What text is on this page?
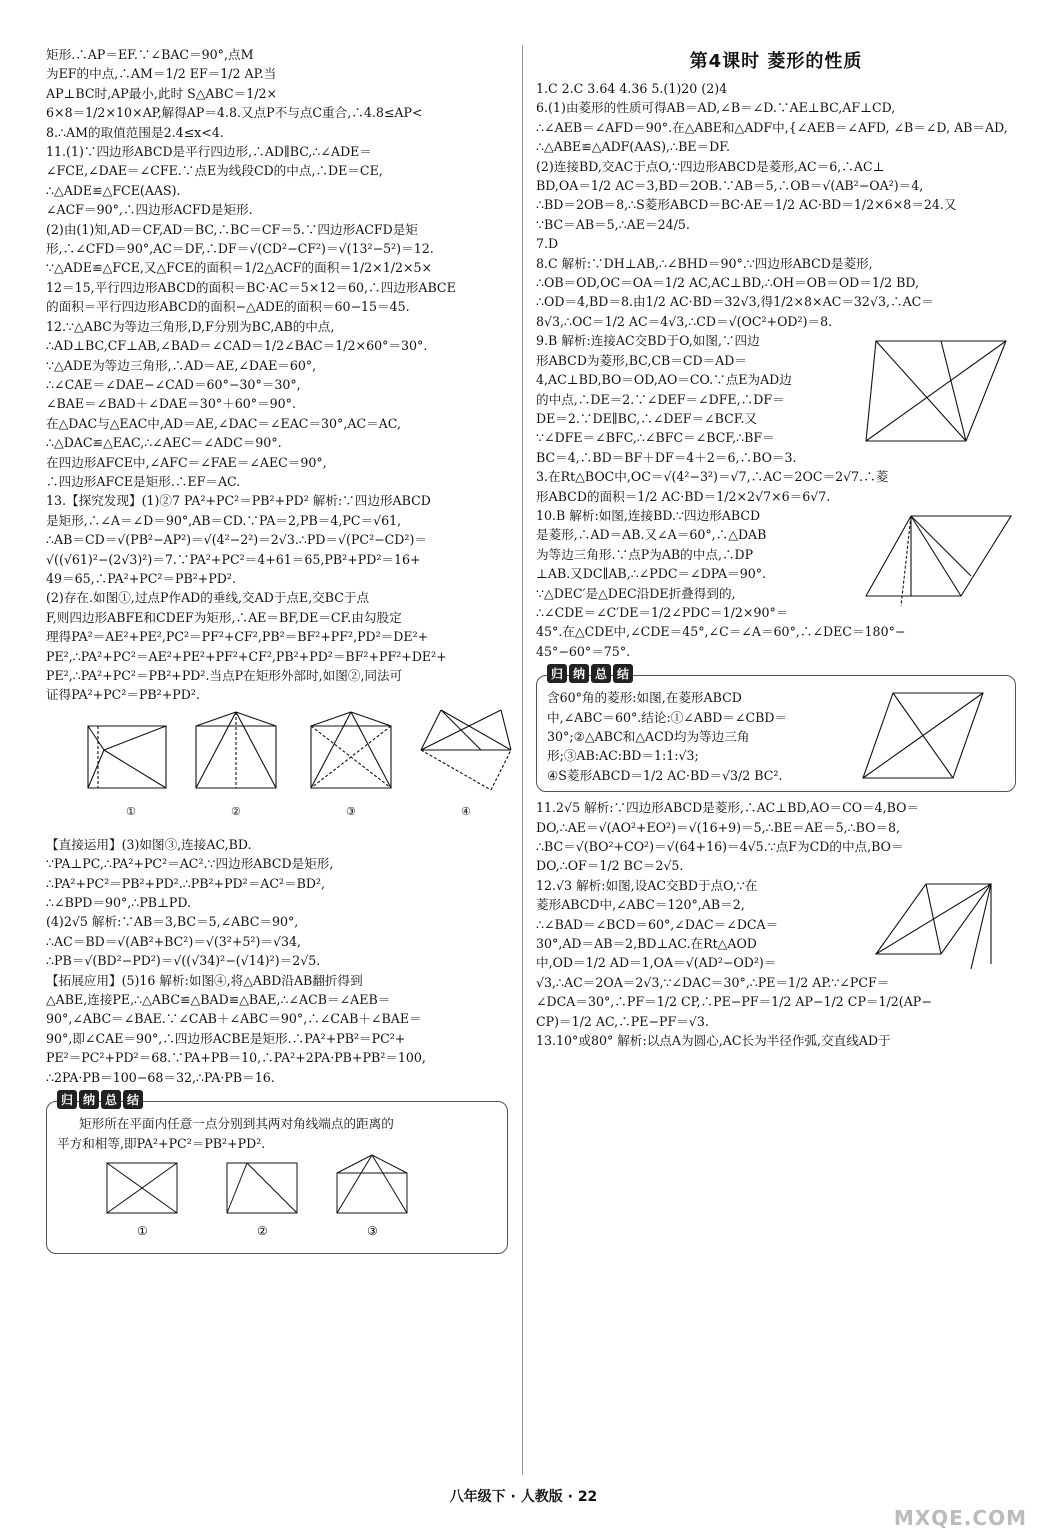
矩形.∴AP＝EF.∵∠BAC＝90°,点M
为EF的中点,∴AM＝1/2 EF＝1/2 AP.当
AP⊥BC时,AP最小,此时 S△ABC＝1/2×
6×8＝1/2×10×AP,解得AP＝4.8.又点P不与点C重合,∴4.8≤AP<
8.∴AM的取值范围是2.4≤x<4.
11.(1)∵四边形ABCD是平行四边形,∴AD∥BC,∴∠ADE＝
∠FCE,∠DAE＝∠CFE.∵点E为线段CD的中点,∴DE＝CE,
∴△ADE≌△FCE(AAS).
∠ACF＝90°,∴四边形ACFD是矩形.
(2)由(1)知,AD＝CF,AD＝BC,∴BC＝CF＝5.∵四边形ACFD是矩
形,∴∠CFD＝90°,AC＝DF,∴DF＝√(CD²−CF²)＝√(13²−5²)＝12.
∵△ADE≌△FCE,又△FCE的面积＝1/2△ACF的面积＝1/2×1/2×5×
12＝15,平行四边形ABCD的面积＝BC·AC＝5×12＝60,∴四边形ABCE
的面积＝平行四边形ABCD的面积−△ADE的面积＝60−15＝45.
12.∵△ABC为等边三角形,D,F分别为BC,AB的中点,
∴AD⊥BC,CF⊥AB,∠BAD＝∠CAD＝1/2∠BAC＝1/2×60°＝30°.
∵△ADE为等边三角形,∴AD＝AE,∠DAE＝60°,
∴∠CAE＝∠DAE−∠CAD＝60°−30°＝30°,
∠BAE＝∠BAD＋∠DAE＝30°＋60°＝90°.
在△DAC与△EAC中,AD＝AE,∠DAC＝∠EAC＝30°,AC＝AC,
∴△DAC≌△EAC,∴∠AEC＝∠ADC＝90°.
在四边形AFCE中,∠AFC＝∠FAE＝∠AEC＝90°,
∴四边形AFCE是矩形.∴EF＝AC.
13.【探究发现】(1)②7 PA²+PC²＝PB²+PD² 解析:∵四边形ABCD
是矩形,∴∠A＝∠D＝90°,AB＝CD.∵PA＝2,PB＝4,PC＝√61,
∴AB＝CD＝√(PB²−AP²)＝√(4²−2²)＝2√3.∴PD＝√(PC²−CD²)＝
√((√61)²−(2√3)²)＝7.∵PA²+PC²＝4+61＝65,PB²+PD²＝16+
49＝65,∴PA²+PC²＝PB²+PD².
(2)存在.如图①,过点P作AD的垂线,交AD于点E,交BC于点
F,则四边形ABFE和CDEF为矩形,∴AE＝BF,DE＝CF.由勾股定
理得PA²＝AE²+PE²,PC²＝PF²+CF²,PB²＝BF²+PF²,PD²＝DE²+
PE²,∴PA²+PC²＝AE²+PE²+PF²+CF²,PB²+PD²＝BF²+PF²+DE²+
PE²,∴PA²+PC²＝PB²+PD².当点P在矩形外部时,如图②,同法可
证得PA²+PC²＝PB²+PD².
①	②	③	④
【直接运用】(3)如图③,连接AC,BD.
∵PA⊥PC,∴PA²+PC²＝AC².∵四边形ABCD是矩形,
∴PA²+PC²＝PB²+PD².∴PB²+PD²＝AC²＝BD²,
∴∠BPD＝90°,∴PB⊥PD.
(4)2√5 解析:∵AB＝3,BC＝5,∠ABC＝90°,
∴AC＝BD＝√(AB²+BC²)＝√(3²+5²)＝√34,
∴PB＝√(BD²−PD²)＝√((√34)²−(√14)²)＝2√5.
【拓展应用】(5)16 解析:如图④,将△ABD沿AB翻折得到
△ABE,连接PE,∴△ABC≌△BAD≌△BAE,∴∠ACB＝∠AEB＝
90°,∠ABC＝∠BAE.∵∠CAB＋∠ABC＝90°,∴∠CAB＋∠BAE＝
90°,即∠CAE＝90°,∴四边形ACBE是矩形.∴PA²+PB²＝PC²+
PE²＝PC²+PD²＝68.∵PA+PB＝10,∴PA²+2PA·PB+PB²＝100,
∴2PA·PB＝100−68＝32,∴PA·PB＝16.
归 纳 总 结
矩形所在平面内任意一点分别到其两对角线端点的距离的
平方和相等,即PA²+PC²＝PB²+PD².
①	②	③
第4课时 菱形的性质
1.C 2.C 3.64 4.36 5.(1)20 (2)4
6.(1)由菱形的性质可得AB＝AD,∠B＝∠D.∵AE⊥BC,AF⊥CD,
∴∠AEB＝∠AFD＝90°.在△ABE和△ADF中,{∠AEB＝∠AFD, ∠B＝∠D, AB＝AD,
∴△ABE≌△ADF(AAS),∴BE＝DF.
(2)连接BD,交AC于点O,∵四边形ABCD是菱形,AC＝6,∴AC⊥
BD,OA＝1/2 AC＝3,BD＝2OB.∵AB＝5,∴OB＝√(AB²−OA²)＝4,
∴BD＝2OB＝8,∴S菱形ABCD＝BC·AE＝1/2 AC·BD＝1/2×6×8＝24.又
∵BC＝AB＝5,∴AE＝24/5.
7.D
8.C 解析:∵DH⊥AB,∴∠BHD＝90°.∵四边形ABCD是菱形,
∴OB＝OD,OC＝OA＝1/2 AC,AC⊥BD,∴OH＝OB＝OD＝1/2 BD,
∴OD＝4,BD＝8.由1/2 AC·BD＝32√3,得1/2×8×AC＝32√3,∴AC＝
8√3,∴OC＝1/2 AC＝4√3,∴CD＝√(OC²+OD²)＝8.
9.B 解析:连接AC交BD于O,如图,∵四边
形ABCD为菱形,BC,CB＝CD＝AD＝
4,AC⊥BD,BO＝OD,AO＝CO.∵点E为AD边
的中点,∴DE＝2.∵∠DEF＝∠DFE,∴DF＝
DE＝2.∵DE∥BC,∴∠DEF＝∠BCF.又
∵∠DFE＝∠BFC,∴∠BFC＝∠BCF,∴BF＝
BC＝4,∴BD＝BF＋DF＝4＋2＝6,∴BO＝3.
3.在Rt△BOC中,OC＝√(4²−3²)＝√7,∴AC＝2OC＝2√7.∴菱
形ABCD的面积＝1/2 AC·BD＝1/2×2√7×6＝6√7.
10.B 解析:如图,连接BD.∵四边形ABCD
是菱形,∴AD＝AB.又∠A＝60°,∴△DAB
为等边三角形.∵点P为AB的中点,∴DP
⊥AB.又DC∥AB,∴∠PDC＝∠DPA＝90°.
∵△DEC′是△DEC沿DE折叠得到的,
∴∠CDE＝∠C′DE＝1/2∠PDC＝1/2×90°＝
45°.在△CDE中,∠CDE＝45°,∠C＝∠A＝60°,∴∠DEC＝180°−
45°−60°＝75°.
归 纳 总 结
含60°角的菱形:如图,在菱形ABCD
中,∠ABC＝60°.结论:①∠ABD＝∠CBD＝
30°;②△ABC和△ACD均为等边三角
形;③AB:AC:BD＝1:1:√3;
④S菱形ABCD＝1/2 AC·BD＝√3/2 BC².
11.2√5 解析:∵四边形ABCD是菱形,∴AC⊥BD,AO＝CO＝4,BO＝
DO,∴AE＝√(AO²+EO²)＝√(16+9)＝5,∴BE＝AE＝5,∴BO＝8,
∴BC＝√(BO²+CO²)＝√(64+16)＝4√5.∵点F为CD的中点,BO＝
DO,∴OF＝1/2 BC＝2√5.
12.√3 解析:如图,设AC交BD于点O,∵在
菱形ABCD中,∠ABC＝120°,AB＝2,
∴∠BAD＝∠BCD＝60°,∠DAC＝∠DCA＝
30°,AD＝AB＝2,BD⊥AC.在Rt△AOD
中,OD＝1/2 AD＝1,OA＝√(AD²−OD²)＝
√3,∴AC＝2OA＝2√3,∵∠DAC＝30°,∴PE＝1/2 AP.∵∠PCF＝
∠DCA＝30°,∴PF＝1/2 CP,∴PE−PF＝1/2 AP−1/2 CP＝1/2(AP−
CP)＝1/2 AC,∴PE−PF＝√3.
13.10°或80° 解析:以点A为圆心,AC长为半径作弧,交直线AD于
八年级下 · 人教版 · 22
MXQE.COM
